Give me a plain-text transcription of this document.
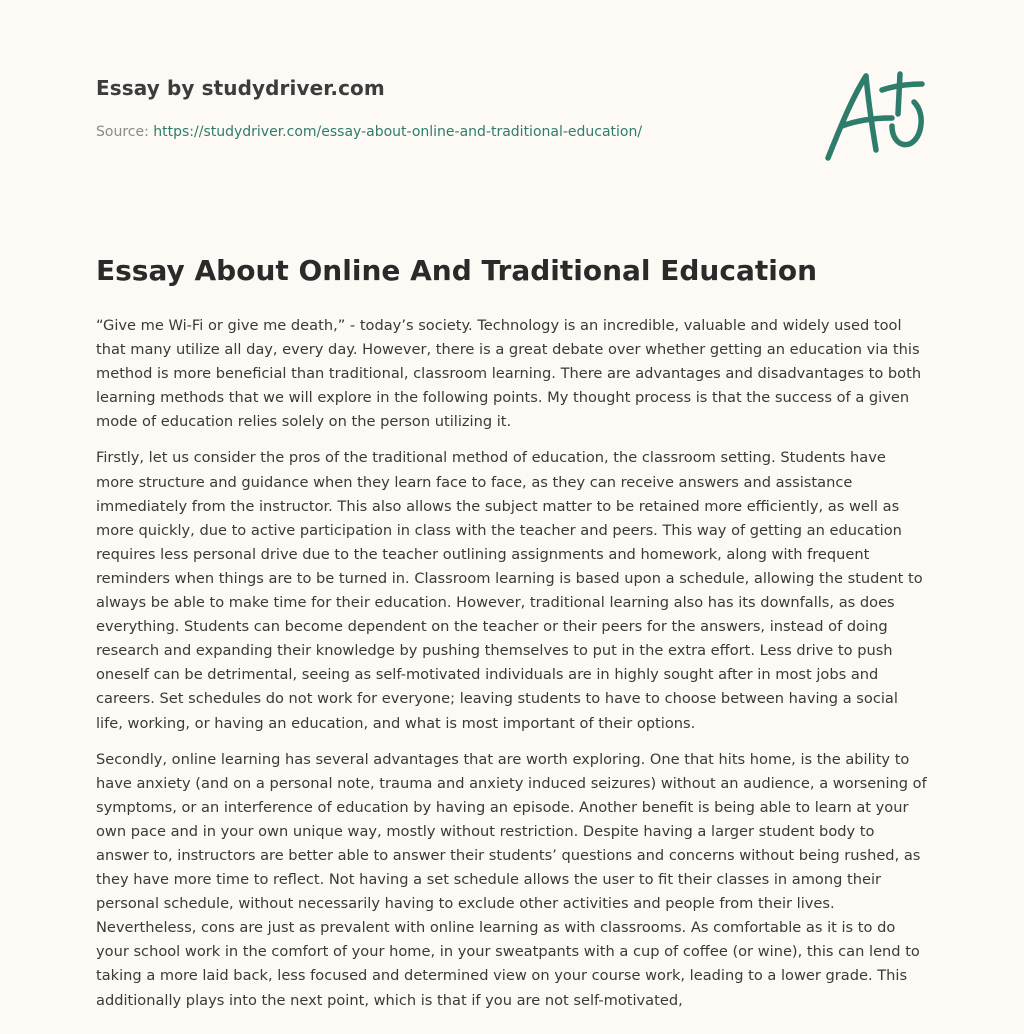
Essay by studydriver.com
Source: https://studydriver.com/essay-about-online-and-traditional-education/
Essay About Online And Traditional Education

“Give me Wi-Fi or give me death,” - today’s society. Technology is an incredible, valuable and widely used tool that many utilize all day, every day. However, there is a great debate over whether getting an education via this method is more beneficial than traditional, classroom learning. There are advantages and disadvantages to both learning methods that we will explore in the following points. My thought process is that the success of a given mode of education relies solely on the person utilizing it.

Firstly, let us consider the pros of the traditional method of education, the classroom setting. Students have more structure and guidance when they learn face to face, as they can receive answers and assistance immediately from the instructor. This also allows the subject matter to be retained more efficiently, as well as more quickly, due to active participation in class with the teacher and peers. This way of getting an education requires less personal drive due to the teacher outlining assignments and homework, along with frequent reminders when things are to be turned in. Classroom learning is based upon a schedule, allowing the student to always be able to make time for their education. However, traditional learning also has its downfalls, as does everything. Students can become dependent on the teacher or their peers for the answers, instead of doing research and expanding their knowledge by pushing themselves to put in the extra effort. Less drive to push oneself can be detrimental, seeing as self-motivated individuals are in highly sought after in most jobs and careers. Set schedules do not work for everyone; leaving students to have to choose between having a social life, working, or having an education, and what is most important of their options.

Secondly, online learning has several advantages that are worth exploring. One that hits home, is the ability to have anxiety (and on a personal note, trauma and anxiety induced seizures) without an audience, a worsening of symptoms, or an interference of education by having an episode. Another benefit is being able to learn at your own pace and in your own unique way, mostly without restriction. Despite having a larger student body to answer to, instructors are better able to answer their students’ questions and concerns without being rushed, as they have more time to reflect. Not having a set schedule allows the user to fit their classes in among their personal schedule, without necessarily having to exclude other activities and people from their lives. Nevertheless, cons are just as prevalent with online learning as with classrooms. As comfortable as it is to do your school work in the comfort of your home, in your sweatpants with a cup of coffee (or wine), this can lend to taking a more laid back, less focused and determined view on your course work, leading to a lower grade. This additionally plays into the next point, which is that if you are not self-motivated,
